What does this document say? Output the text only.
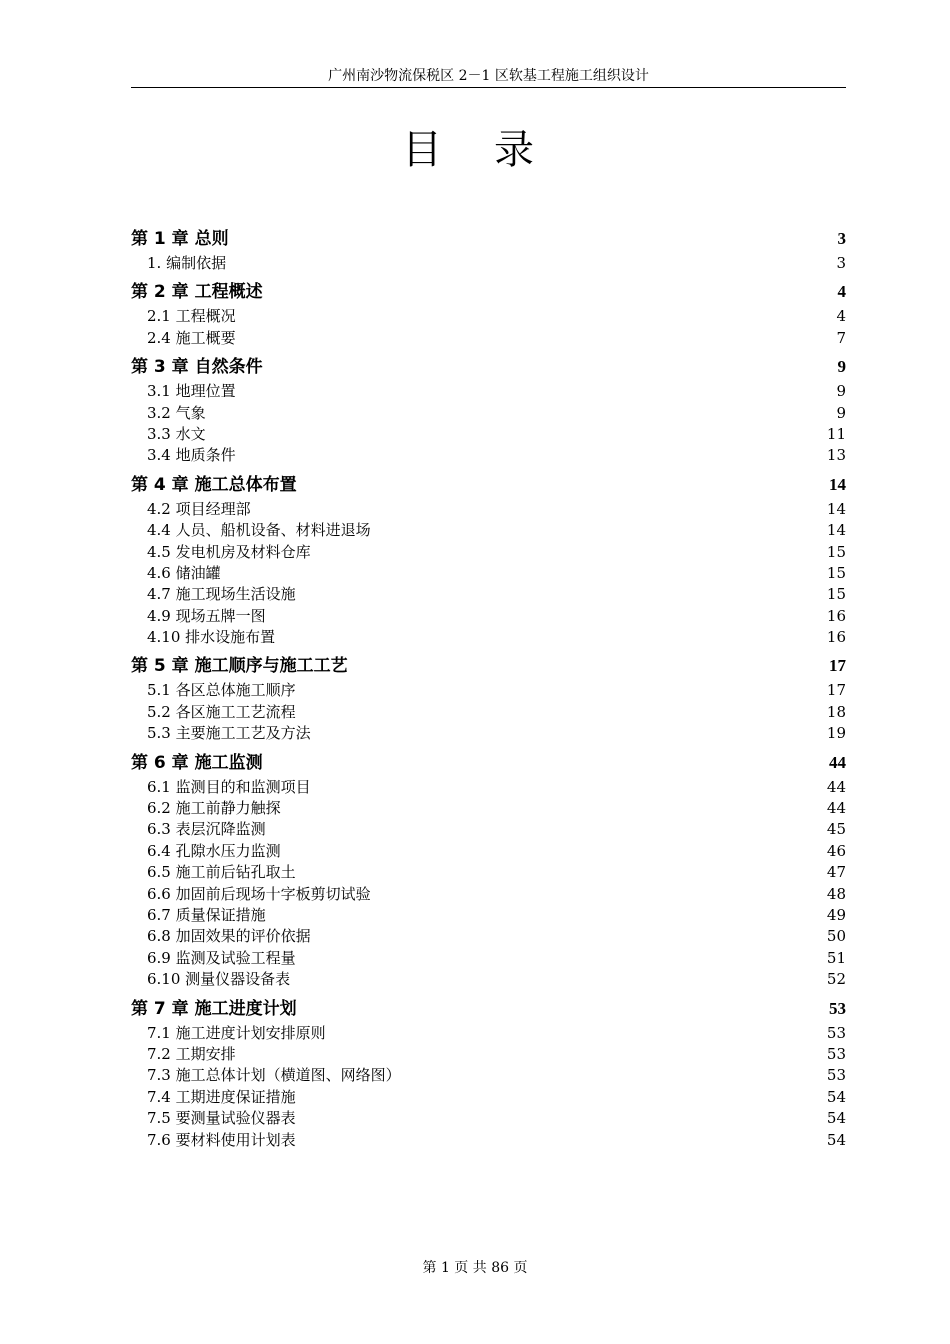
广州南沙物流保税区 2－1 区软基工程施工组织设计
目录
第 1 章 总则	3
1. 编制依据	3
第 2 章 工程概述	4
2.1 工程概况	4
2.4 施工概要	7
第 3 章 自然条件	9
3.1 地理位置	9
3.2 气象	9
3.3 水文	11
3.4 地质条件	13
第 4 章 施工总体布置	14
4.2 项目经理部	14
4.4 人员、船机设备、材料进退场	14
4.5 发电机房及材料仓库	15
4.6 储油罐	15
4.7 施工现场生活设施	15
4.9 现场五牌一图	16
4.10 排水设施布置	16
第 5 章 施工顺序与施工工艺	17
5.1 各区总体施工顺序	17
5.2 各区施工工艺流程	18
5.3 主要施工工艺及方法	19
第 6 章 施工监测	44
6.1 监测目的和监测项目	44
6.2 施工前静力触探	44
6.3 表层沉降监测	45
6.4 孔隙水压力监测	46
6.5 施工前后钻孔取土	47
6.6 加固前后现场十字板剪切试验	48
6.7 质量保证措施	49
6.8 加固效果的评价依据	50
6.9 监测及试验工程量	51
6.10 测量仪器设备表	52
第 7 章 施工进度计划	53
7.1 施工进度计划安排原则	53
7.2 工期安排	53
7.3 施工总体计划（横道图、网络图）	53
7.4 工期进度保证措施	54
7.5 要测量试验仪器表	54
7.6 要材料使用计划表	54
第 1 页 共 86 页
